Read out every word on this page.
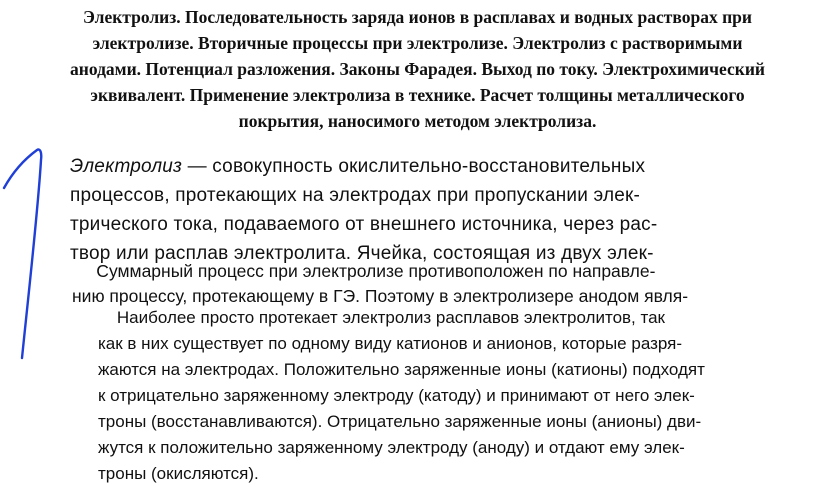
Электролиз. Последовательность заряда ионов в расплавах и водных растворах при
электролизе. Вторичные процессы при электролизе. Электролиз с растворимыми
анодами. Потенциал разложения. Законы Фарадея. Выход по току. Электрохимический
эквивалент. Применение электролиза в технике. Расчет толщины металлического
покрытия, наносимого методом электролиза.
Электролиз — совокупность окислительно-восстановительных
процессов, протекающих на электродах при пропускании элек-
трического тока, подаваемого от внешнего источника, через рас-
твор или расплав электролита. Ячейка, состоящая из двух элек-
Суммарный процесс при электролизе противоположен по направле-
нию процессу, протекающему в ГЭ. Поэтому в электролизере анодом явля-
Наиболее просто протекает электролиз расплавов электролитов, так
как в них существует по одному виду катионов и анионов, которые разря-
жаются на электродах. Положительно заряженные ионы (катионы) подходят
к отрицательно заряженному электроду (катоду) и принимают от него элек-
троны (восстанавливаются). Отрицательно заряженные ионы (анионы) дви-
жутся к положительно заряженному электроду (аноду) и отдают ему элек-
троны (окисляются).
